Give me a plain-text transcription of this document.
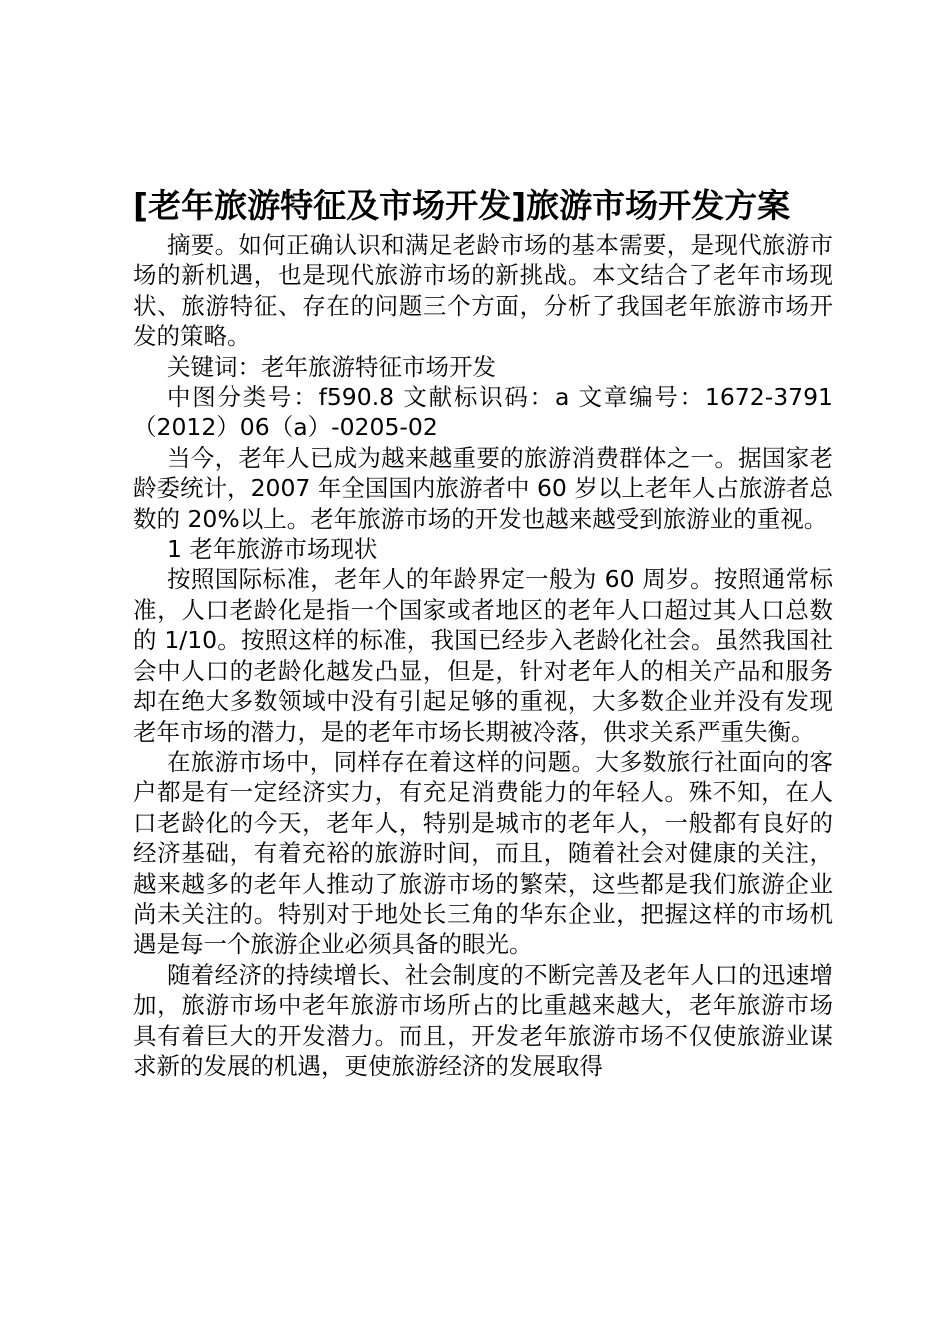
[老年旅游特征及市场开发]旅游市场开发方案

摘要。如何正确认识和满足老龄市场的基本需要，是现代旅游市场的新机遇，也是现代旅游市场的新挑战。本文结合了老年市场现状、旅游特征、存在的问题三个方面，分析了我国老年旅游市场开发的策略。

关键词：老年旅游特征市场开发

中图分类号：f590.8 文献标识码：a 文章编号：1672-3791（2012）06（a）-0205-02

当今，老年人已成为越来越重要的旅游消费群体之一。据国家老龄委统计，2007 年全国国内旅游者中 60 岁以上老年人占旅游者总数的 20%以上。老年旅游市场的开发也越来越受到旅游业的重视。

1 老年旅游市场现状

按照国际标准，老年人的年龄界定一般为 60 周岁。按照通常标准，人口老龄化是指一个国家或者地区的老年人口超过其人口总数的 1/10。按照这样的标准，我国已经步入老龄化社会。虽然我国社会中人口的老龄化越发凸显，但是，针对老年人的相关产品和服务却在绝大多数领域中没有引起足够的重视，大多数企业并没有发现老年市场的潜力，是的老年市场长期被冷落，供求关系严重失衡。

在旅游市场中，同样存在着这样的问题。大多数旅行社面向的客户都是有一定经济实力，有充足消费能力的年轻人。殊不知，在人口老龄化的今天，老年人，特别是城市的老年人，一般都有良好的经济基础，有着充裕的旅游时间，而且，随着社会对健康的关注，越来越多的老年人推动了旅游市场的繁荣，这些都是我们旅游企业尚未关注的。特别对于地处长三角的华东企业，把握这样的市场机遇是每一个旅游企业必须具备的眼光。

随着经济的持续增长、社会制度的不断完善及老年人口的迅速增加，旅游市场中老年旅游市场所占的比重越来越大，老年旅游市场具有着巨大的开发潜力。而且，开发老年旅游市场不仅使旅游业谋求新的发展的机遇，更使旅游经济的发展取得
